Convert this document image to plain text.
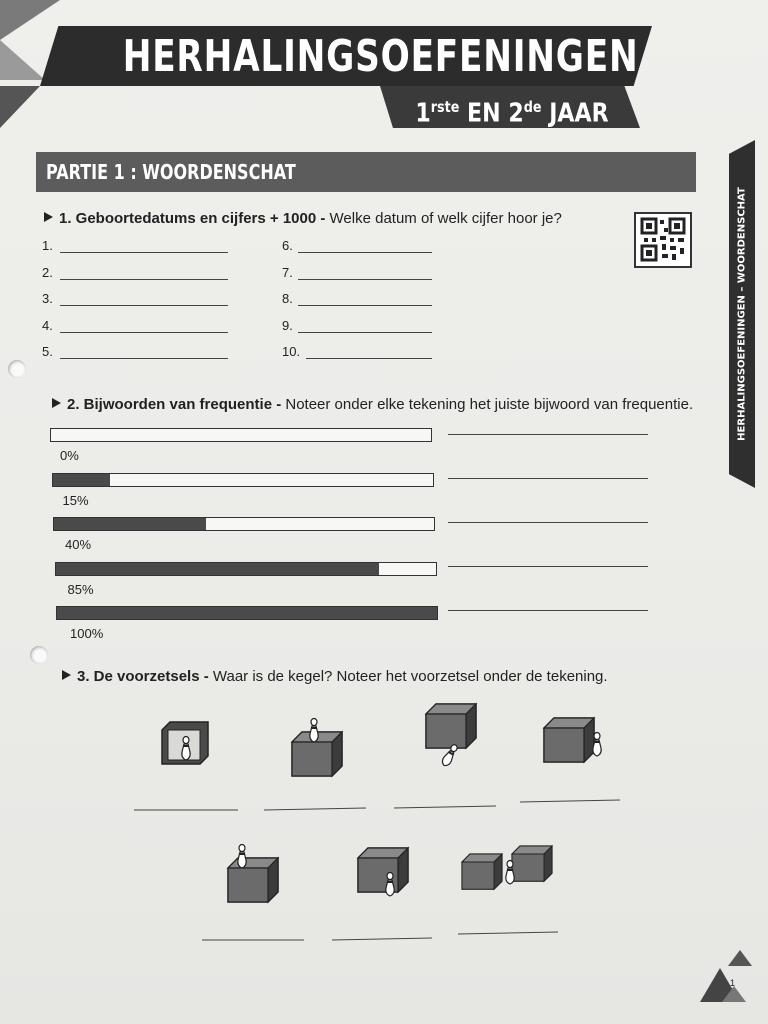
HERHALINGSOEFENINGEN
$1^{rste}$ EN 2de JAAR
PARTIE 1 : WOORDENSCHAT
HERHALINGSOEFENINGEN – WOORDENSCHAT
1. Geboortedatums en cijfers + 1000 - Welke datum of welk cijfer hoor je?
1.
2.
3.
4.
5.
6.
7.
8.
9.
10.
2. Bijwoorden van frequentie - Noteer onder elke tekening het juiste bijwoord van frequentie.
0%
15%
40%
85%
100%
3. De voorzetsels - Waar is de kegel? Noteer het voorzetsel onder de tekening.
1
